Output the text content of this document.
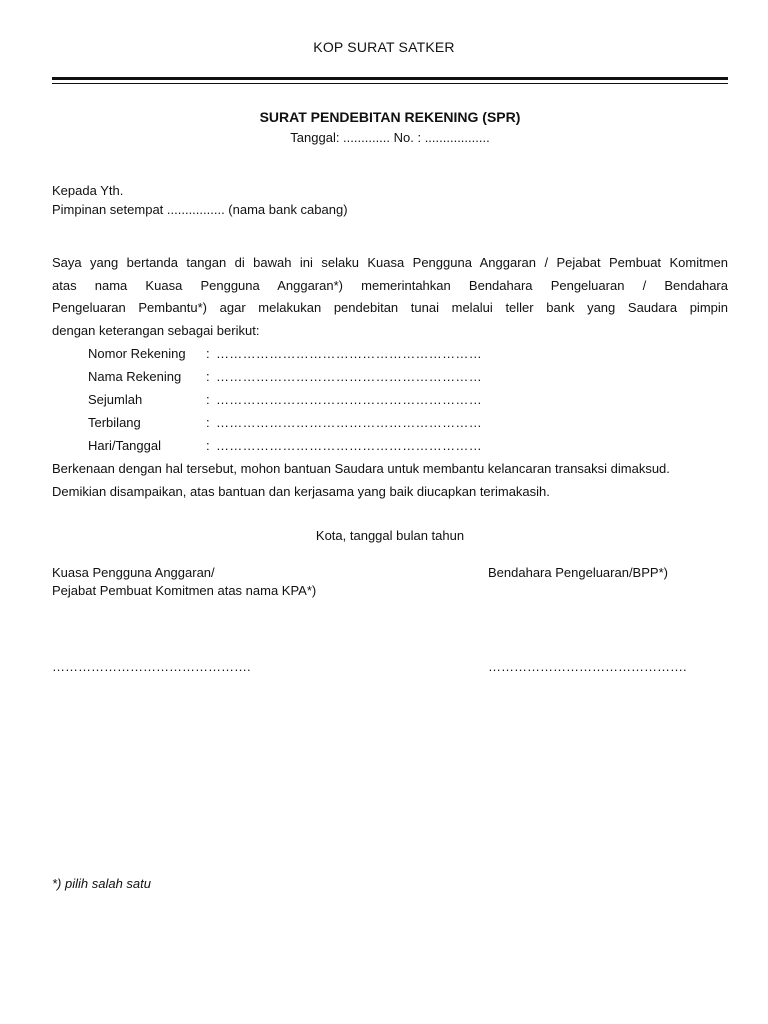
KOP SURAT SATKER
SURAT PENDEBITAN REKENING (SPR)
Tanggal: ............. No. : ..................
Kepada Yth.
Pimpinan setempat ................ (nama bank cabang)
Saya yang bertanda tangan di bawah ini selaku Kuasa Pengguna Anggaran / Pejabat Pembuat Komitmen
atas nama Kuasa Pengguna Anggaran*) memerintahkan Bendahara Pengeluaran / Bendahara
Pengeluaran Pembantu*) agar melakukan pendebitan tunai melalui teller bank yang Saudara pimpin
dengan keterangan sebagai berikut:
Nomor Rekening	: ……………………………………………………
Nama Rekening	: ……………………………………………………
Sejumlah	: ……………………………………………………
Terbilang	: ……………………………………………………
Hari/Tanggal	: ……………………………………………………
Berkenaan dengan hal tersebut, mohon bantuan Saudara untuk membantu kelancaran transaksi dimaksud.
Demikian disampaikan, atas bantuan dan kerjasama yang baik diucapkan terimakasih.
Kota, tanggal bulan tahun
Kuasa Pengguna Anggaran/
Pejabat Pembuat Komitmen atas nama KPA*)
Bendahara Pengeluaran/BPP*)
……………………………………….	……………………………………….
*) pilih salah satu
